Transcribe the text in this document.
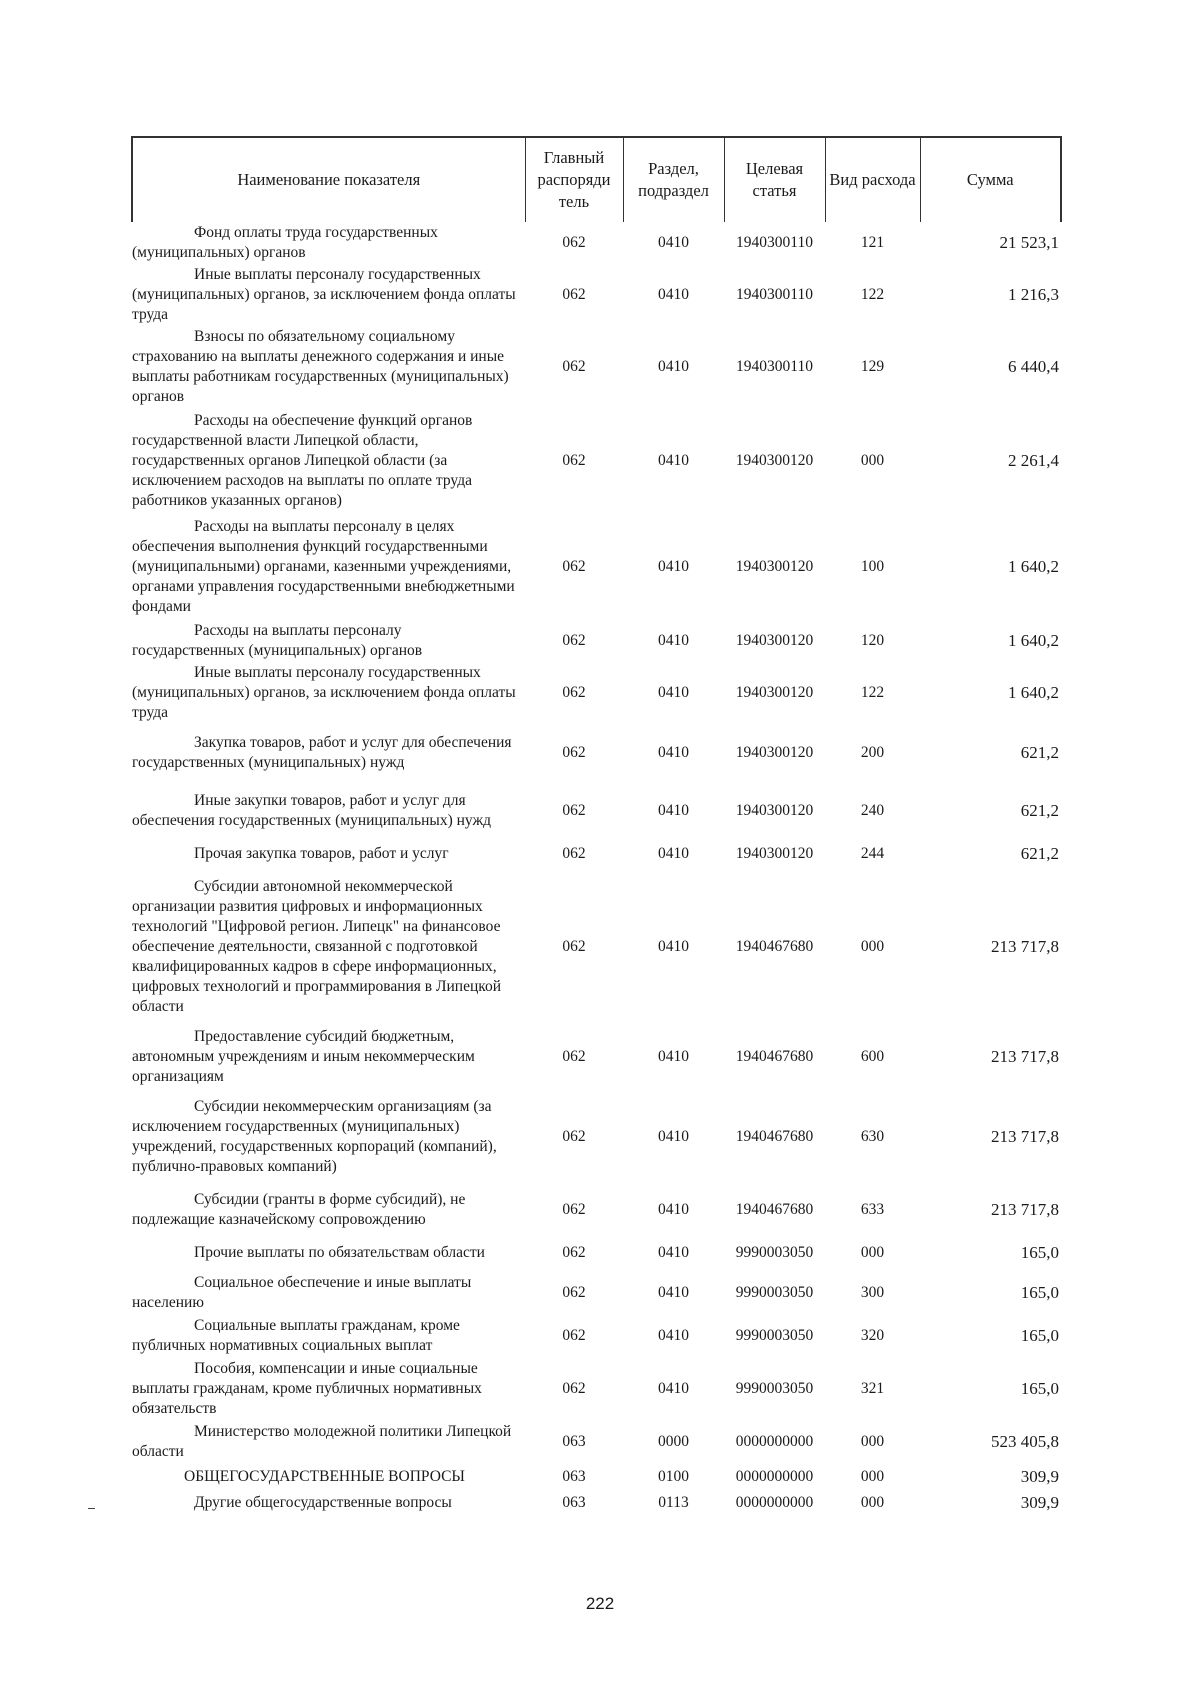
Наименование показателя	Главный распоряди тель	Раздел, подраздел	Целевая статья	Вид расхода	Сумма

Фонд оплаты труда государственных (муниципальных) органов	062	0410	1940300110	121	21 523,1

Иные выплаты персоналу государственных (муниципальных) органов, за исключением фонда оплаты труда	062	0410	1940300110	122	1 216,3

Взносы по обязательному социальному страхованию на выплаты денежного содержания и иные выплаты работникам государственных (муниципальных) органов	062	0410	1940300110	129	6 440,4

Расходы на обеспечение функций органов государственной власти Липецкой области, государственных органов Липецкой области (за исключением расходов на выплаты по оплате труда работников указанных органов)	062	0410	1940300120	000	2 261,4

Расходы на выплаты персоналу в целях обеспечения выполнения функций государственными (муниципальными) органами, казенными учреждениями, органами управления государственными внебюджетными фондами	062	0410	1940300120	100	1 640,2

Расходы на выплаты персоналу государственных (муниципальных) органов	062	0410	1940300120	120	1 640,2

Иные выплаты персоналу государственных (муниципальных) органов, за исключением фонда оплаты труда	062	0410	1940300120	122	1 640,2

Закупка товаров, работ и услуг для обеспечения государственных (муниципальных) нужд	062	0410	1940300120	200	621,2

Иные закупки товаров, работ и услуг для обеспечения государственных (муниципальных) нужд	062	0410	1940300120	240	621,2

Прочая закупка товаров, работ и услуг	062	0410	1940300120	244	621,2

Субсидии автономной некоммерческой организации развития цифровых и информационных технологий "Цифровой регион. Липецк" на финансовое обеспечение деятельности, связанной с подготовкой квалифицированных кадров в сфере информационных, цифровых технологий и программирования в Липецкой области	062	0410	1940467680	000	213 717,8

Предоставление субсидий бюджетным, автономным учреждениям и иным некоммерческим организациям	062	0410	1940467680	600	213 717,8

Субсидии некоммерческим организациям (за исключением государственных (муниципальных) учреждений, государственных корпораций (компаний), публично-правовых компаний)	062	0410	1940467680	630	213 717,8

Субсидии (гранты в форме субсидий), не подлежащие казначейскому сопровождению	062	0410	1940467680	633	213 717,8

Прочие выплаты по обязательствам области	062	0410	9990003050	000	165,0

Социальное обеспечение и иные выплаты населению	062	0410	9990003050	300	165,0

Социальные выплаты гражданам, кроме публичных нормативных социальных выплат	062	0410	9990003050	320	165,0

Пособия, компенсации и иные социальные выплаты гражданам, кроме публичных нормативных обязательств	062	0410	9990003050	321	165,0

Министерство молодежной политики Липецкой области	063	0000	0000000000	000	523 405,8

ОБЩЕГОСУДАРСТВЕННЫЕ ВОПРОСЫ	063	0100	0000000000	000	309,9

Другие общегосударственные вопросы	063	0113	0000000000	000	309,9
222
